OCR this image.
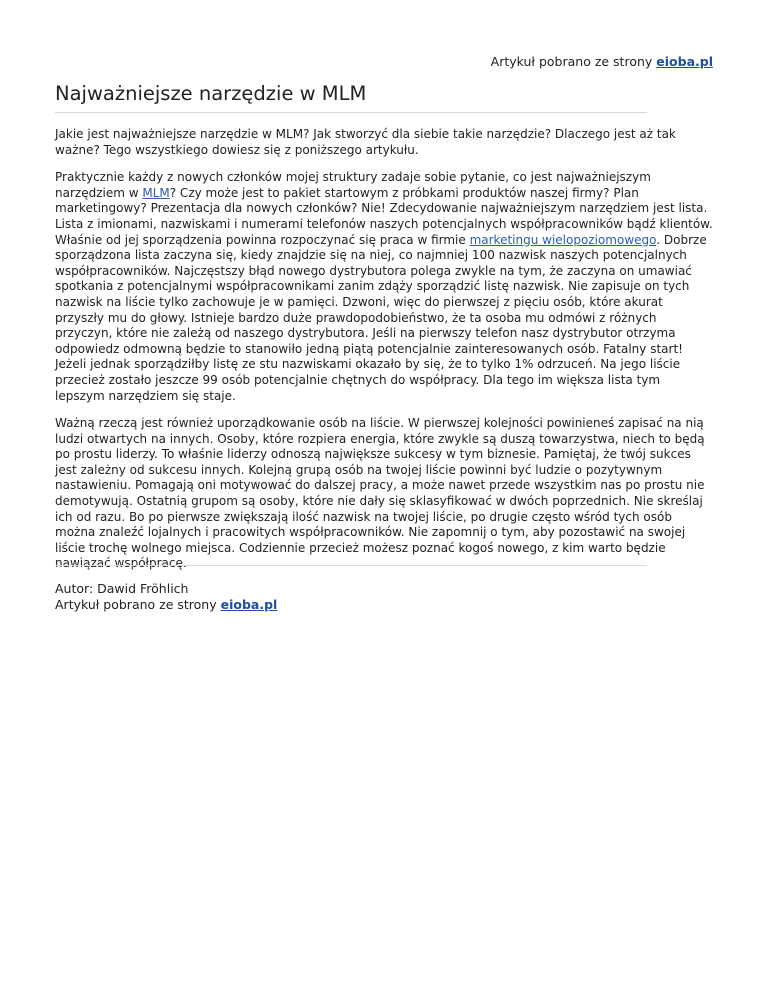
Artykuł pobrano ze strony eioba.pl
Najważniejsze narzędzie w MLM

Jakie jest najważniejsze narzędzie w MLM? Jak stworzyć dla siebie takie narzędzie? Dlaczego jest aż tak ważne? Tego wszystkiego dowiesz się z poniższego artykułu.

Praktycznie każdy z nowych członków mojej struktury zadaje sobie pytanie, co jest najważniejszym narzędziem w MLM? Czy może jest to pakiet startowym z próbkami produktów naszej firmy? Plan marketingowy? Prezentacja dla nowych członków? Nie! Zdecydowanie najważniejszym narzędziem jest lista. Lista z imionami, nazwiskami i numerami telefonów naszych potencjalnych współpracowników bądź klientów. Właśnie od jej sporządzenia powinna rozpoczynać się praca w firmie marketingu wielopoziomowego. Dobrze sporządzona lista zaczyna się, kiedy znajdzie się na niej, co najmniej 100 nazwisk naszych potencjalnych współpracowników. Najczęstszy błąd nowego dystrybutora polega zwykle na tym, że zaczyna on umawiać spotkania z potencjalnymi współpracownikami zanim zdąży sporządzić listę nazwisk. Nie zapisuje on tych nazwisk na liście tylko zachowuje je w pamięci. Dzwoni, więc do pierwszej z pięciu osób, które akurat przyszły mu do głowy. Istnieje bardzo duże prawdopodobieństwo, że ta osoba mu odmówi z różnych przyczyn, które nie zależą od naszego dystrybutora. Jeśli na pierwszy telefon nasz dystrybutor otrzyma odpowiedz odmowną będzie to stanowiło jedną piątą potencjalnie zainteresowanych osób. Fatalny start! Jeżeli jednak sporządziłby listę ze stu nazwiskami okazało by się, że to tylko 1% odrzuceń. Na jego liście przecież zostało jeszcze 99 osób potencjalnie chętnych do współpracy. Dla tego im większa lista tym lepszym narzędziem się staje.

Ważną rzeczą jest również uporządkowanie osób na liście. W pierwszej kolejności powinieneś zapisać na nią ludzi otwartych na innych. Osoby, które rozpiera energia, które zwykle są duszą towarzystwa, niech to będą po prostu liderzy. To właśnie liderzy odnoszą największe sukcesy w tym biznesie. Pamiętaj, że twój sukces jest zależny od sukcesu innych. Kolejną grupą osób na twojej liście powinni być ludzie o pozytywnym nastawieniu. Pomagają oni motywować do dalszej pracy, a może nawet przede wszystkim nas po prostu nie demotywują. Ostatnią grupom są osoby, które nie dały się sklasyfikować w dwóch poprzednich. Nie skreślaj ich od razu. Bo po pierwsze zwiększają ilość nazwisk na twojej liście, po drugie często wśród tych osób można znaleźć lojalnych i pracowitych współpracowników. Nie zapomnij o tym, aby pozostawić na swojej liście trochę wolnego miejsca. Codziennie przecież możesz poznać kogoś nowego, z kim warto będzie nawiązać współpracę.

Autor: Dawid Fröhlich
Artykuł pobrano ze strony eioba.pl
